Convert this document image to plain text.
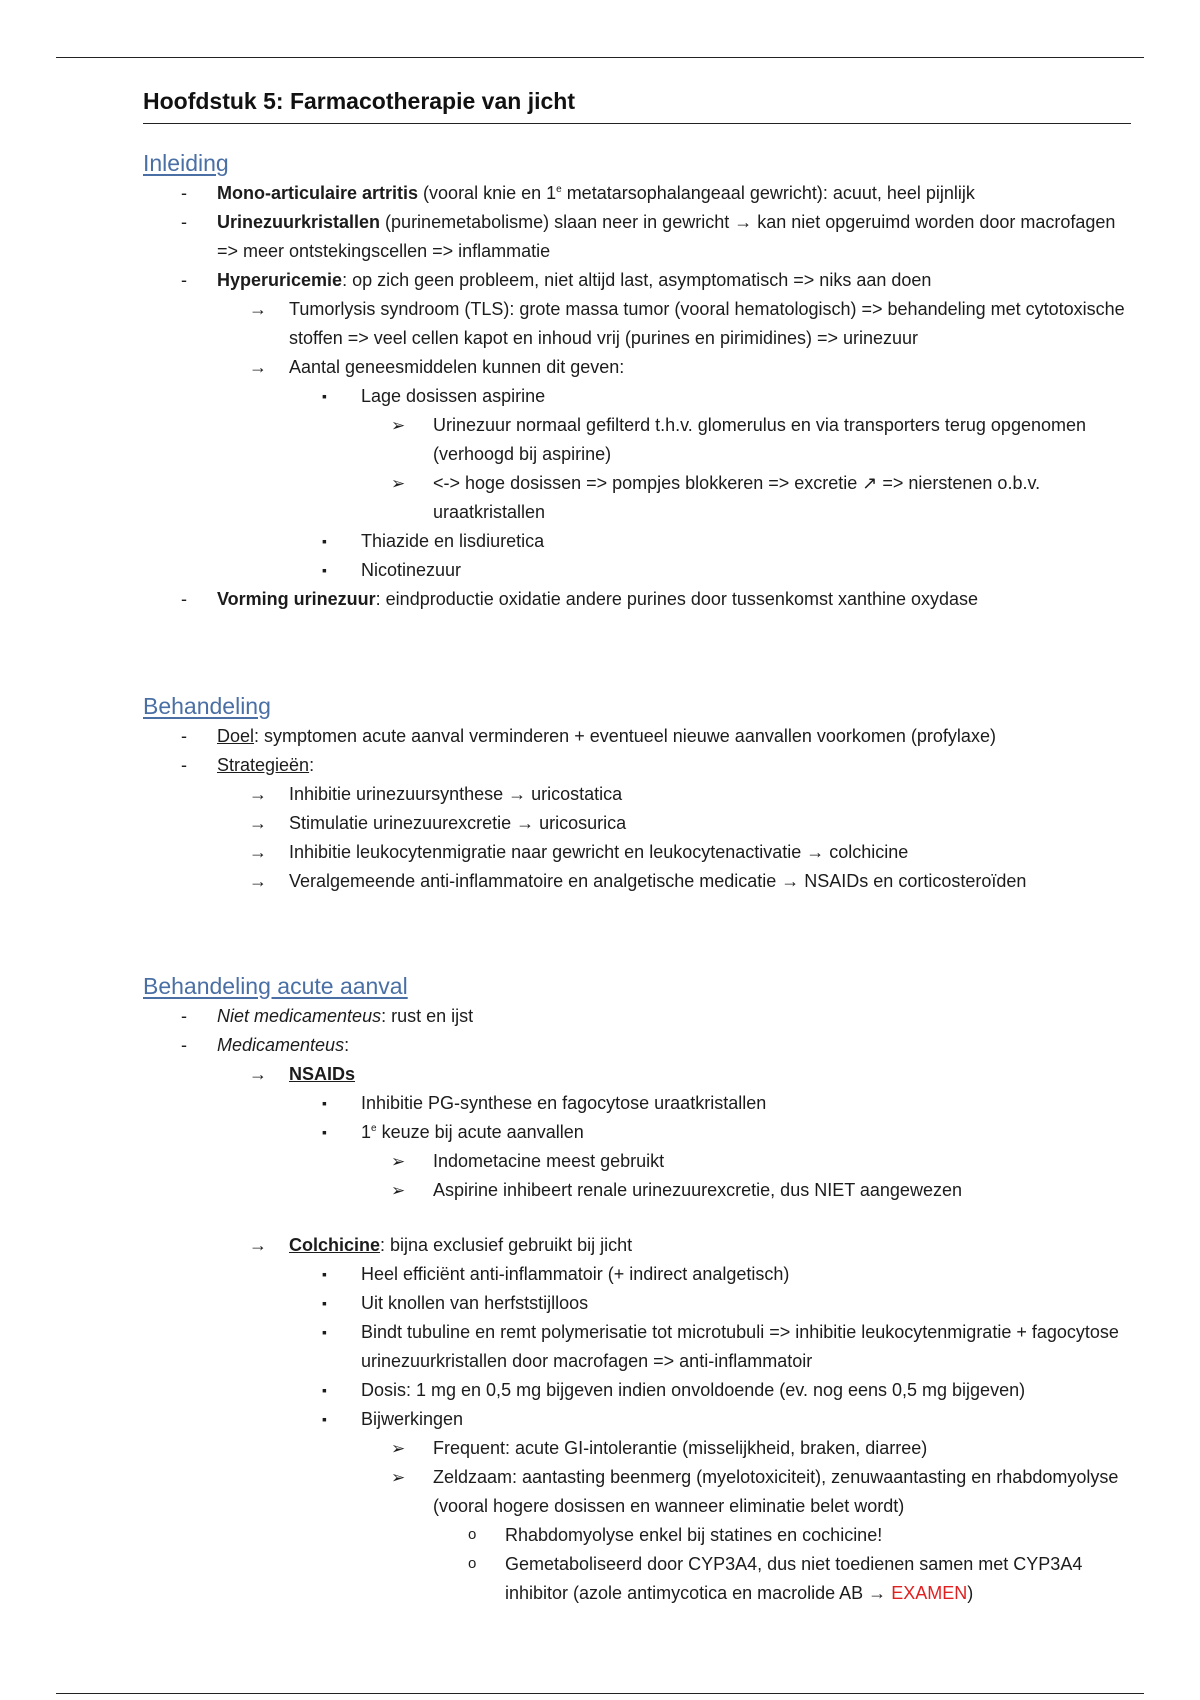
Hoofdstuk 5: Farmacotherapie van jicht
Inleiding
- Mono-articulaire artritis (vooral knie en 1e metatarsophalangeaal gewricht): acuut, heel pijnlijk
- Urinezuurkristallen (purinemetabolisme) slaan neer in gewricht → kan niet opgeruimd worden door macrofagen => meer ontstekingscellen => inflammatie
- Hyperuricemie: op zich geen probleem, niet altijd last, asymptomatisch => niks aan doen
→ Tumorlysis syndroom (TLS): grote massa tumor (vooral hematologisch) => behandeling met cytotoxische stoffen => veel cellen kapot en inhoud vrij (purines en pirimidines) => urinezuur
→ Aantal geneesmiddelen kunnen dit geven:
▪ Lage dosissen aspirine
➢ Urinezuur normaal gefilterd t.h.v. glomerulus en via transporters terug opgenomen (verhoogd bij aspirine)
➢ <-> hoge dosissen => pompjes blokkeren => excretie ↗ => nierstenen o.b.v. uraatkristallen
▪ Thiazide en lisdiuretica
▪ Nicotinezuur
- Vorming urinezuur: eindproductie oxidatie andere purines door tussenkomst xanthine oxydase
Behandeling
- Doel: symptomen acute aanval verminderen + eventueel nieuwe aanvallen voorkomen (profylaxe)
- Strategieën:
→ Inhibitie urinezuursynthese → uricostatica
→ Stimulatie urinezuurexcretie → uricosurica
→ Inhibitie leukocytenmigratie naar gewricht en leukocytenactivatie → colchicine
→ Veralgemeende anti-inflammatoire en analgetische medicatie → NSAIDs en corticosteroïden
Behandeling acute aanval
- Niet medicamenteus: rust en ijst
- Medicamenteus:
→ NSAIDs
▪ Inhibitie PG-synthese en fagocytose uraatkristallen
▪ 1e keuze bij acute aanvallen
➢ Indometacine meest gebruikt
➢ Aspirine inhibeert renale urinezuurexcretie, dus NIET aangewezen
→ Colchicine: bijna exclusief gebruikt bij jicht
▪ Heel efficiënt anti-inflammatoir (+ indirect analgetisch)
▪ Uit knollen van herfststijlloos
▪ Bindt tubuline en remt polymerisatie tot microtubuli => inhibitie leukocytenmigratie + fagocytose urinezuurkristallen door macrofagen => anti-inflammatoir
▪ Dosis: 1 mg en 0,5 mg bijgeven indien onvoldoende (ev. nog eens 0,5 mg bijgeven)
▪ Bijwerkingen
➢ Frequent: acute GI-intolerantie (misselijkheid, braken, diarree)
➢ Zeldzaam: aantasting beenmerg (myelotoxiciteit), zenuwaantasting en rhabdomyolyse (vooral hogere dosissen en wanneer eliminatie belet wordt)
o Rhabdomyolyse enkel bij statines en cochicine!
o Gemetaboliseerd door CYP3A4, dus niet toedienen samen met CYP3A4 inhibitor (azole antimycotica en macrolide AB → EXAMEN)
